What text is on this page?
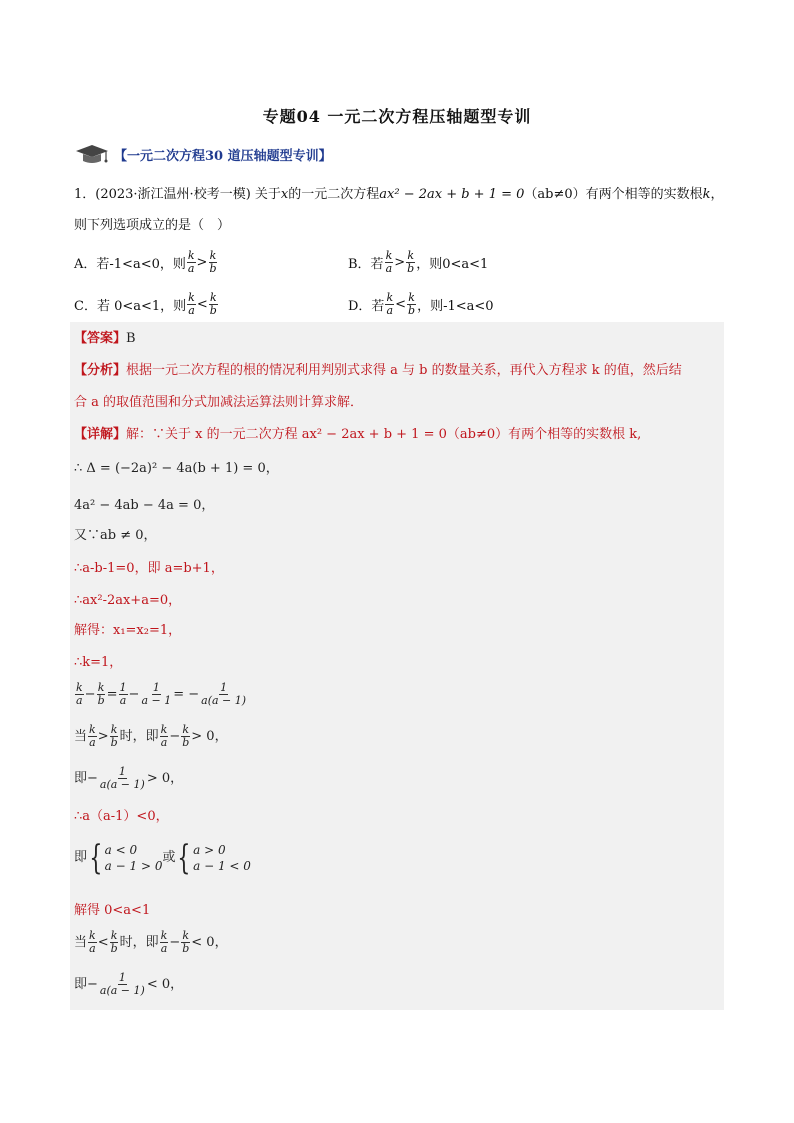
专题04 一元二次方程压轴题型专训
【一元二次方程30 道压轴题型专训】
1．(2023·浙江温州·校考一模) 关于x的一元二次方程ax² − 2ax + b + 1 = 0（ab≠0）有两个相等的实数根k，
则下列选项成立的是（　）
A．若-1<a<0，则 $\frac{k}{a} > \frac{k}{b}$	B．若 $\frac{k}{a} > \frac{k}{b}$ ，则0<a<1
C．若 0<a<1，则 $\frac{k}{a} < \frac{k}{b}$	D．若 $\frac{k}{a} < \frac{k}{b}$ ，则-1<a<0
【答案】 B
【分析】 根据一元二次方程的根的情况利用判别式求得 a 与 b 的数量关系，再代入方程求 k 的值，然后结
合 a 的取值范围和分式加减法运算法则计算求解．
【详解】 解：∵关于 x 的一元二次方程 ax² − 2ax + b + 1 = 0（ab≠0）有两个相等的实数根 k,
∴ Δ = (−2a)² − 4a(b + 1) = 0，
4a² − 4ab − 4a = 0，
又∵ab ≠ 0，
∴a-b-1=0，即 a=b+1，
∴ax²-2ax+a=0，
解得：x₁=x₂=1，
∴k=1，
$\frac{k}{a} - \frac{k}{b} = \frac{1}{a} - \frac{1}{a - 1}$ = − $\frac{1}{a(a - 1)}$
当 $\frac{k}{a} > \frac{k}{b}$ 时，即 $\frac{k}{a} - \frac{k}{b} > 0$，
即− $\frac{1}{a(a - 1)} > 0$，
∴a（a-1）<0，
即 { a < 0
a − 1 > 0
或 { a > 0
a − 1 < 0
解得 0<a<1
当 $\frac{k}{a} < \frac{k}{b}$ 时，即 $\frac{k}{a} - \frac{k}{b} < 0$，
即− $\frac{1}{a(a - 1)} < 0$，
